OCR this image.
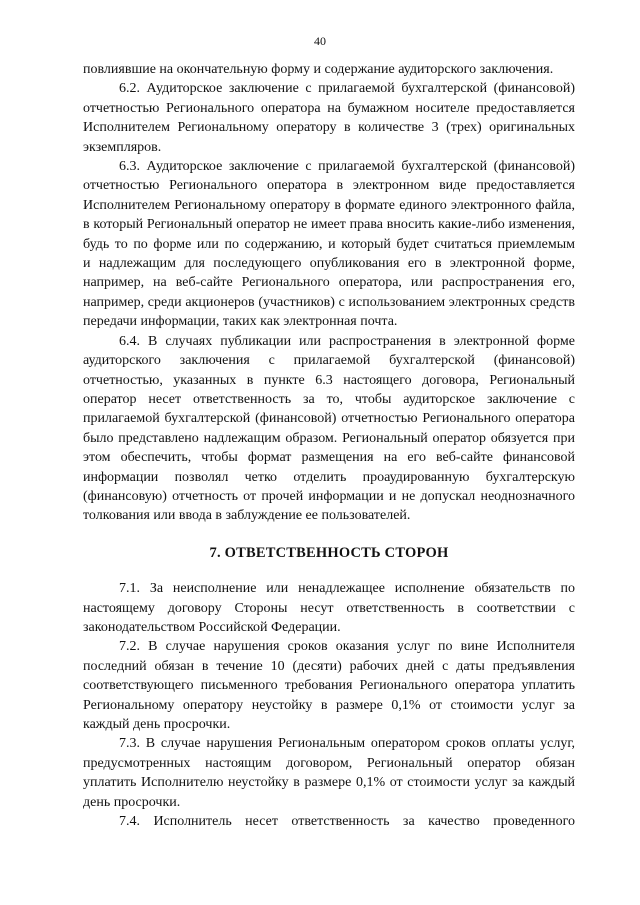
40

повлиявшие на окончательную форму и содержание аудиторского заключения.

6.2. Аудиторское заключение с прилагаемой бухгалтерской (финансовой) отчетностью Регионального оператора на бумажном носителе предоставляется Исполнителем Региональному оператору в количестве 3 (трех) оригинальных экземпляров.

6.3. Аудиторское заключение с прилагаемой бухгалтерской (финансовой) отчетностью Регионального оператора в электронном виде предоставляется Исполнителем Региональному оператору в формате единого электронного файла,

в который Региональный оператор не имеет права вносить какие-либо изменения, будь то по форме или по содержанию, и который будет считаться приемлемым

и надлежащим для последующего опубликования его в электронной форме, например, на веб-сайте Регионального оператора, или распространения его, например, среди акционеров (участников) с использованием электронных средств передачи информации, таких как электронная почта.

6.4. В случаях публикации или распространения в электронной форме аудиторского заключения с прилагаемой бухгалтерской (финансовой) отчетностью, указанных в пункте 6.3 настоящего договора, Региональный оператор несет ответственность за то, чтобы аудиторское заключение с прилагаемой бухгалтерской (финансовой) отчетностью Регионального оператора было представлено надлежащим образом. Региональный оператор обязуется при этом обеспечить, чтобы формат размещения на его веб-сайте финансовой информации позволял четко отделить проаудированную бухгалтерскую (финансовую) отчетность от прочей информации и не допускал неоднозначного толкования или ввода в заблуждение ее пользователей.

7. ОТВЕТСТВЕННОСТЬ СТОРОН

7.1. За неисполнение или ненадлежащее исполнение обязательств по настоящему договору Стороны несут ответственность в соответствии с законодательством Российской Федерации.

7.2. В случае нарушения сроков оказания услуг по вине Исполнителя последний обязан в течение 10 (десяти) рабочих дней с даты предъявления соответствующего письменного требования Регионального оператора уплатить Региональному оператору неустойку в размере 0,1% от стоимости услуг за каждый день просрочки.

7.3. В случае нарушения Региональным оператором сроков оплаты услуг, предусмотренных настоящим договором, Региональный оператор обязан уплатить Исполнителю неустойку в размере 0,1% от стоимости услуг за каждый день просрочки.

7.4. Исполнитель несет ответственность за качество проведенного
